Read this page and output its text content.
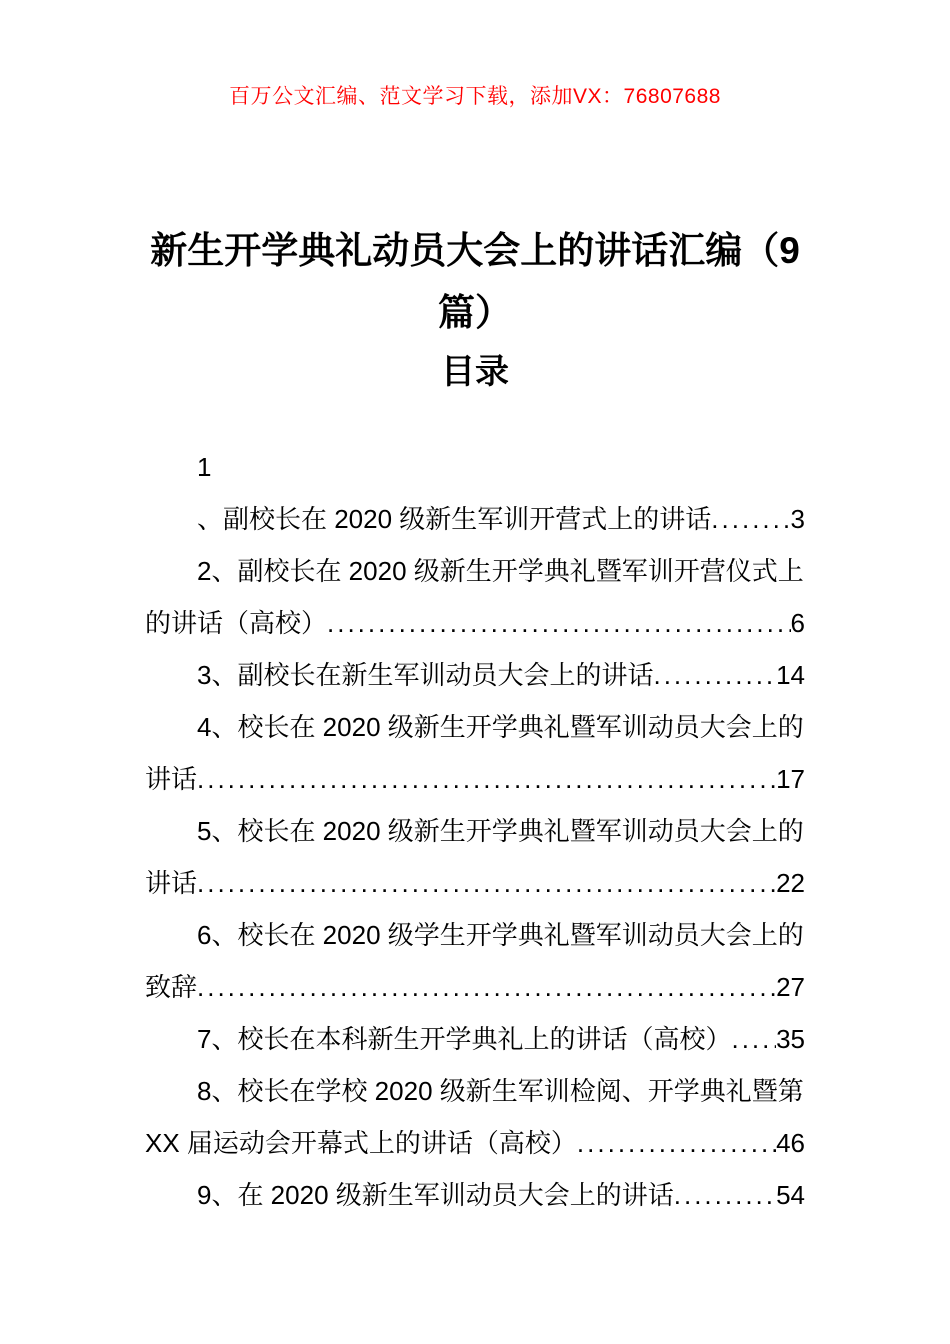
百万公文汇编、范文学习下载，添加VX：76807688
新生开学典礼动员大会上的讲话汇编（9
篇）
目录
1
、副校长在 2020 级新生军训开营式上的讲话 .....	3
2、副校长在 2020 级新生开学典礼暨军训开营仪式上
的讲话（高校） .....	6
3、副校长在新生军训动员大会上的讲话 .....	14
4、校长在 2020 级新生开学典礼暨军训动员大会上的
讲话 .....	17
5、校长在 2020 级新生开学典礼暨军训动员大会上的
讲话 .....	22
6、校长在 2020 级学生开学典礼暨军训动员大会上的
致辞 .....	27
7、校长在本科新生开学典礼上的讲话（高校） ..... 35
8、校长在学校 2020 级新生军训检阅、开学典礼暨第
XX 届运动会开幕式上的讲话（高校） .....	46
9、在 2020 级新生军训动员大会上的讲话 .....	54
